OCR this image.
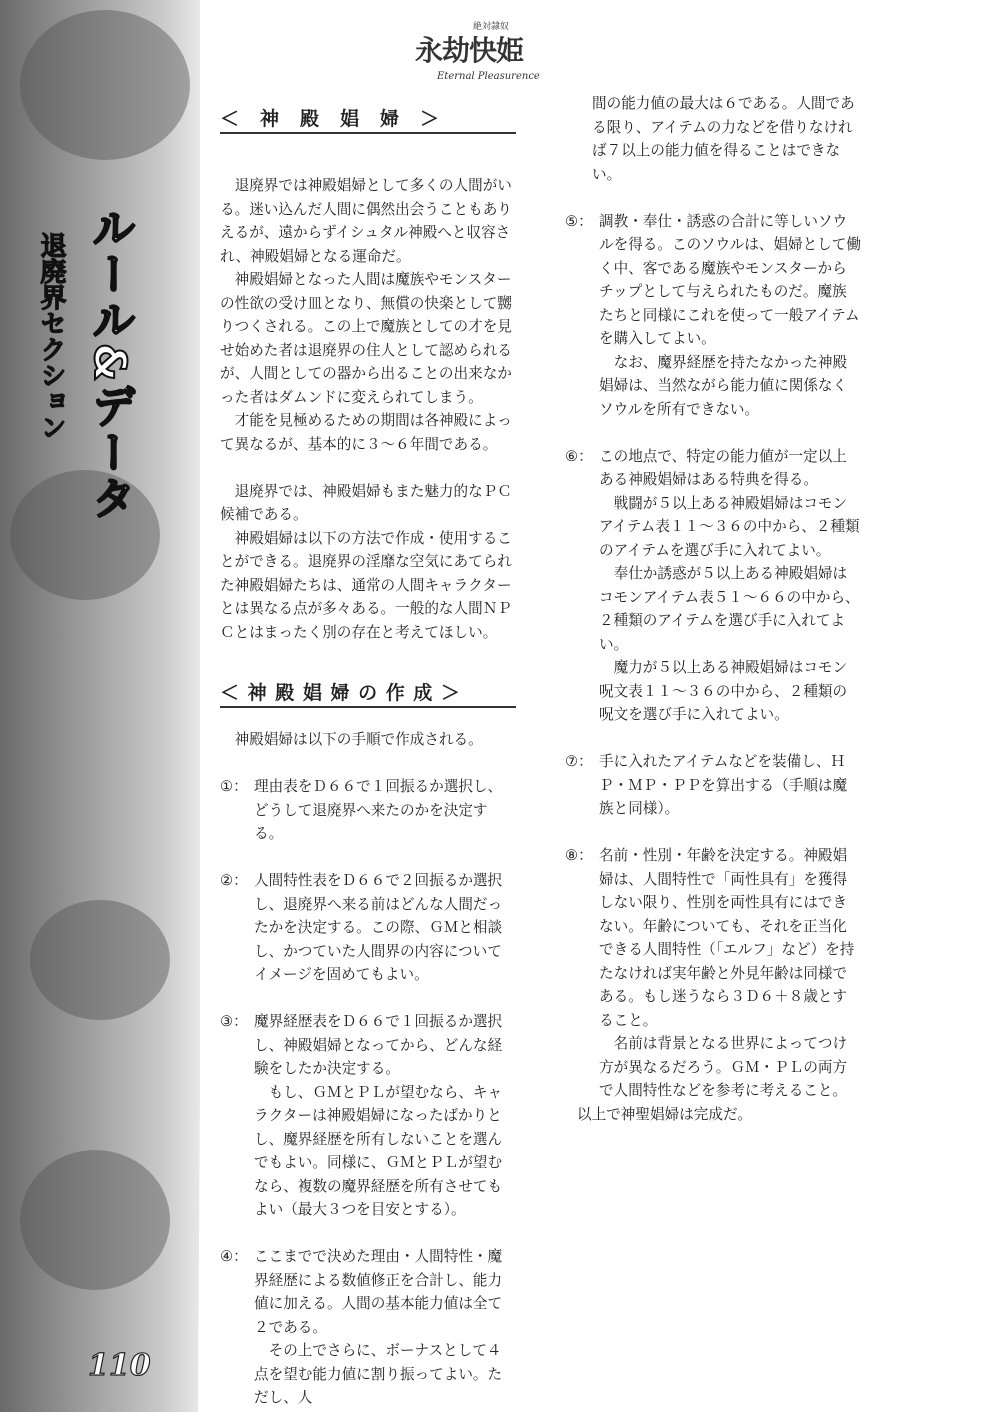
ルール&データ
退廃界セクション
110
絶対隷奴
永劫快姫
Eternal Pleasurence
＜　神　殿　娼　婦　＞

退廃界では神殿娼婦として多くの人間がいる。迷い込んだ人間に偶然出会うこともありえるが、遠からずイシュタル神殿へと収容され、神殿娼婦となる運命だ。

神殿娼婦となった人間は魔族やモンスターの性欲の受け皿となり、無償の快楽として嬲りつくされる。この上で魔族としての才を見せ始めた者は退廃界の住人として認められるが、人間としての器から出ることの出来なかった者はダムンドに変えられてしまう。

才能を見極めるための期間は各神殿によって異なるが、基本的に３～６年間である。

退廃界では、神殿娼婦もまた魅力的なＰＣ候補である。

神殿娼婦は以下の方法で作成・使用することができる。退廃界の淫靡な空気にあてられた神殿娼婦たちは、通常の人間キャラクターとは異なる点が多々ある。一般的な人間ＮＰＣとはまったく別の存在と考えてほしい。

＜ 神 殿 娼 婦 の 作 成 ＞

神殿娼婦は以下の手順で作成される。

①： 理由表をＤ６６で１回振るか選択し、どうして退廃界へ来たのかを決定する。

②： 人間特性表をＤ６６で２回振るか選択し、退廃界へ来る前はどんな人間だったかを決定する。この際、ＧＭと相談し、かつていた人間界の内容についてイメージを固めてもよい。

③： 魔界経歴表をＤ６６で１回振るか選択し、神殿娼婦となってから、どんな経験をしたか決定する。

もし、ＧＭとＰＬが望むなら、キャラクターは神殿娼婦になったばかりとし、魔界経歴を所有しないことを選んでもよい。同様に、ＧＭとＰＬが望むなら、複数の魔界経歴を所有させてもよい（最大３つを目安とする）。

④： ここまでで決めた理由・人間特性・魔界経歴による数値修正を合計し、能力値に加える。人間の基本能力値は全て２である。

その上でさらに、ボーナスとして４点を望む能力値に割り振ってよい。ただし、人

間の能力値の最大は６である。人間である限り、アイテムの力などを借りなければ７以上の能力値を得ることはできない。

⑤： 調教・奉仕・誘惑の合計に等しいソウルを得る。このソウルは、娼婦として働く中、客である魔族やモンスターからチップとして与えられたものだ。魔族たちと同様にこれを使って一般アイテムを購入してよい。

なお、魔界経歴を持たなかった神殿娼婦は、当然ながら能力値に関係なくソウルを所有できない。

⑥： この地点で、特定の能力値が一定以上ある神殿娼婦はある特典を得る。

戦闘が５以上ある神殿娼婦はコモンアイテム表１１～３６の中から、２種類のアイテムを選び手に入れてよい。

奉仕か誘惑が５以上ある神殿娼婦はコモンアイテム表５１～６６の中から、２種類のアイテムを選び手に入れてよい。

魔力が５以上ある神殿娼婦はコモン呪文表１１～３６の中から、２種類の呪文を選び手に入れてよい。

⑦： 手に入れたアイテムなどを装備し、ＨＰ・ＭＰ・ＰＰを算出する（手順は魔族と同様）。

⑧： 名前・性別・年齢を決定する。神殿娼婦は、人間特性で「両性具有」を獲得しない限り、性別を両性具有にはできない。年齢についても、それを正当化できる人間特性（「エルフ」など）を持たなければ実年齢と外見年齢は同様である。もし迷うなら３Ｄ６＋８歳とすること。

名前は背景となる世界によってつけ方が異なるだろう。ＧＭ・ＰＬの両方で人間特性などを参考に考えること。

以上で神聖娼婦は完成だ。
